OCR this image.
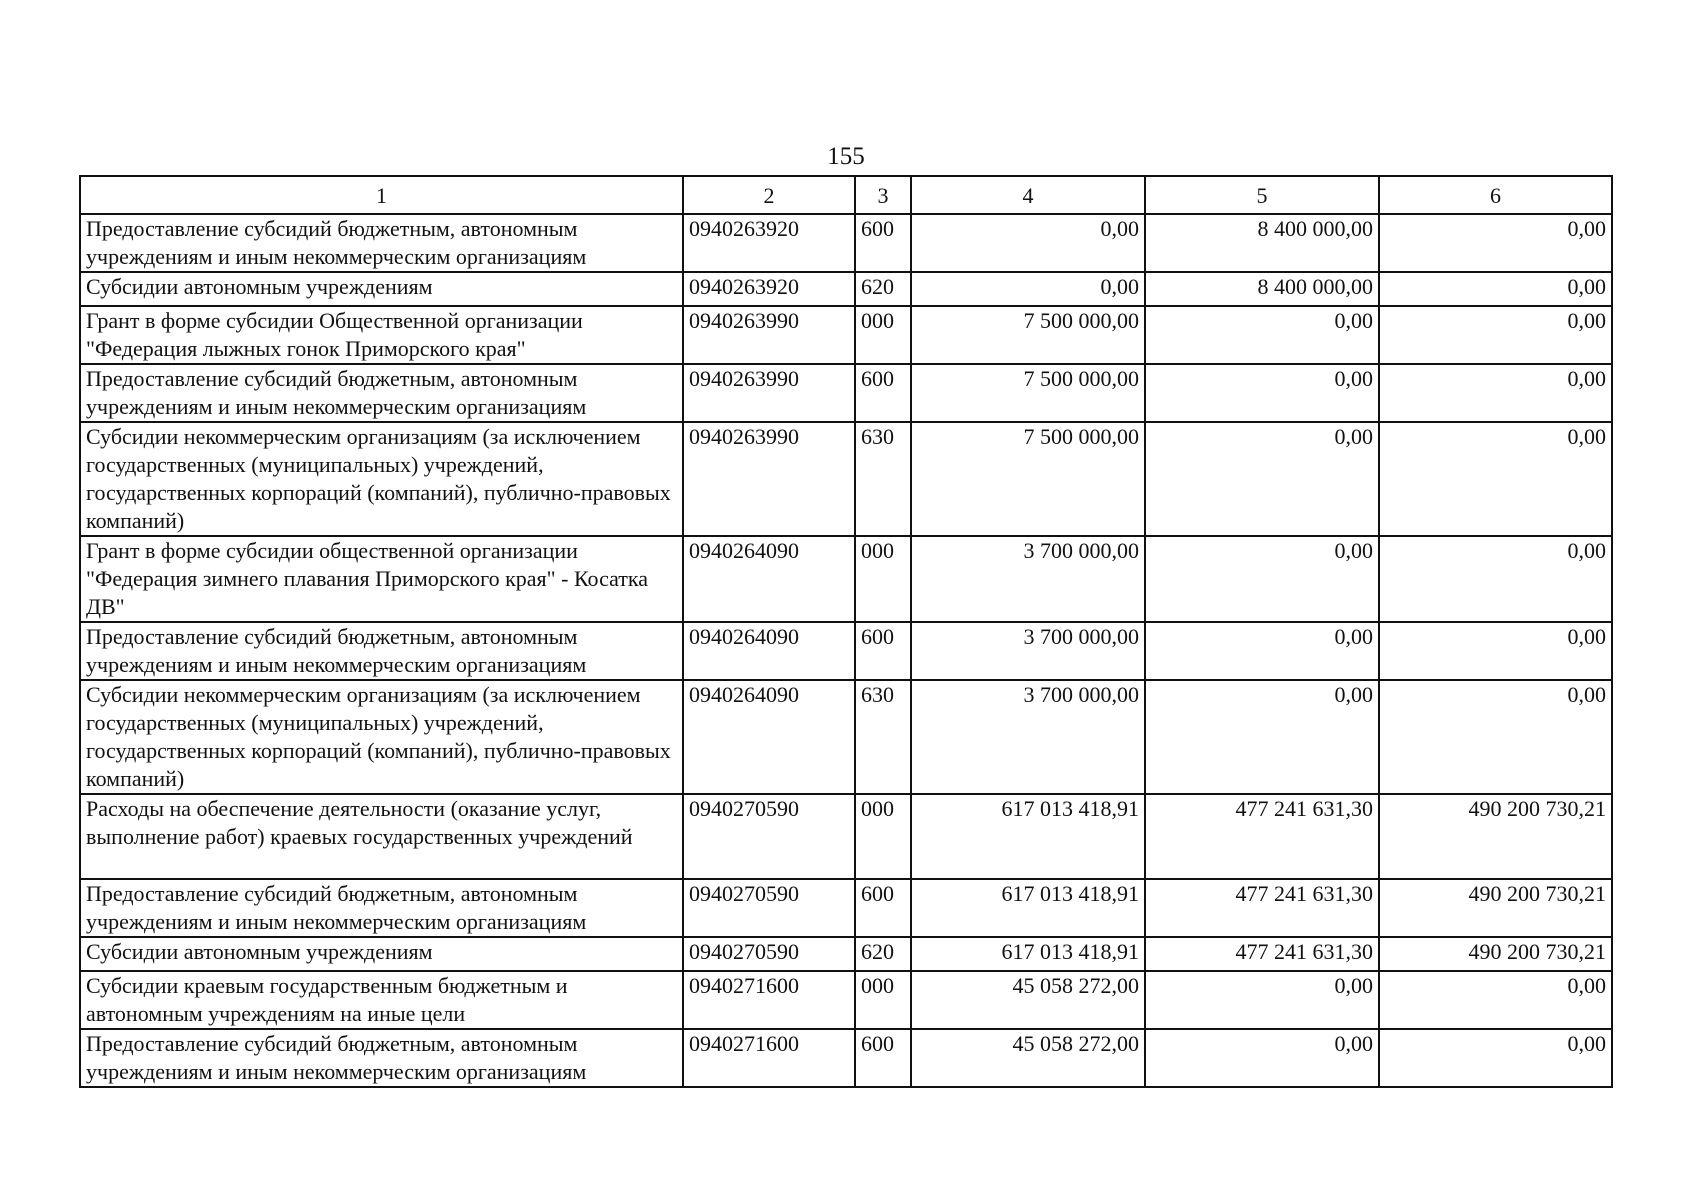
155
1	2	3	4	5	6
Предоставление субсидий бюджетным, автономным учреждениям и иным некоммерческим организациям	0940263920	600	0,00	8 400 000,00	0,00
Субсидии автономным учреждениям	0940263920	620	0,00	8 400 000,00	0,00
Грант в форме субсидии Общественной организации "Федерация лыжных гонок Приморского края"	0940263990	000	7 500 000,00	0,00	0,00
Предоставление субсидий бюджетным, автономным учреждениям и иным некоммерческим организациям	0940263990	600	7 500 000,00	0,00	0,00
Субсидии некоммерческим организациям (за исключением государственных (муниципальных) учреждений, государственных корпораций (компаний), публично-правовых компаний)	0940263990	630	7 500 000,00	0,00	0,00
Грант в форме субсидии общественной организации "Федерация зимнего плавания Приморского края" - Косатка ДВ"	0940264090	000	3 700 000,00	0,00	0,00
Предоставление субсидий бюджетным, автономным учреждениям и иным некоммерческим организациям	0940264090	600	3 700 000,00	0,00	0,00
Субсидии некоммерческим организациям (за исключением государственных (муниципальных) учреждений, государственных корпораций (компаний), публично-правовых компаний)	0940264090	630	3 700 000,00	0,00	0,00
Расходы на обеспечение деятельности (оказание услуг, выполнение работ) краевых государственных учреждений	0940270590	000	617 013 418,91	477 241 631,30	490 200 730,21
Предоставление субсидий бюджетным, автономным учреждениям и иным некоммерческим организациям	0940270590	600	617 013 418,91	477 241 631,30	490 200 730,21
Субсидии автономным учреждениям	0940270590	620	617 013 418,91	477 241 631,30	490 200 730,21
Субсидии краевым государственным бюджетным и автономным учреждениям на иные цели	0940271600	000	45 058 272,00	0,00	0,00
Предоставление субсидий бюджетным, автономным учреждениям и иным некоммерческим организациям	0940271600	600	45 058 272,00	0,00	0,00
